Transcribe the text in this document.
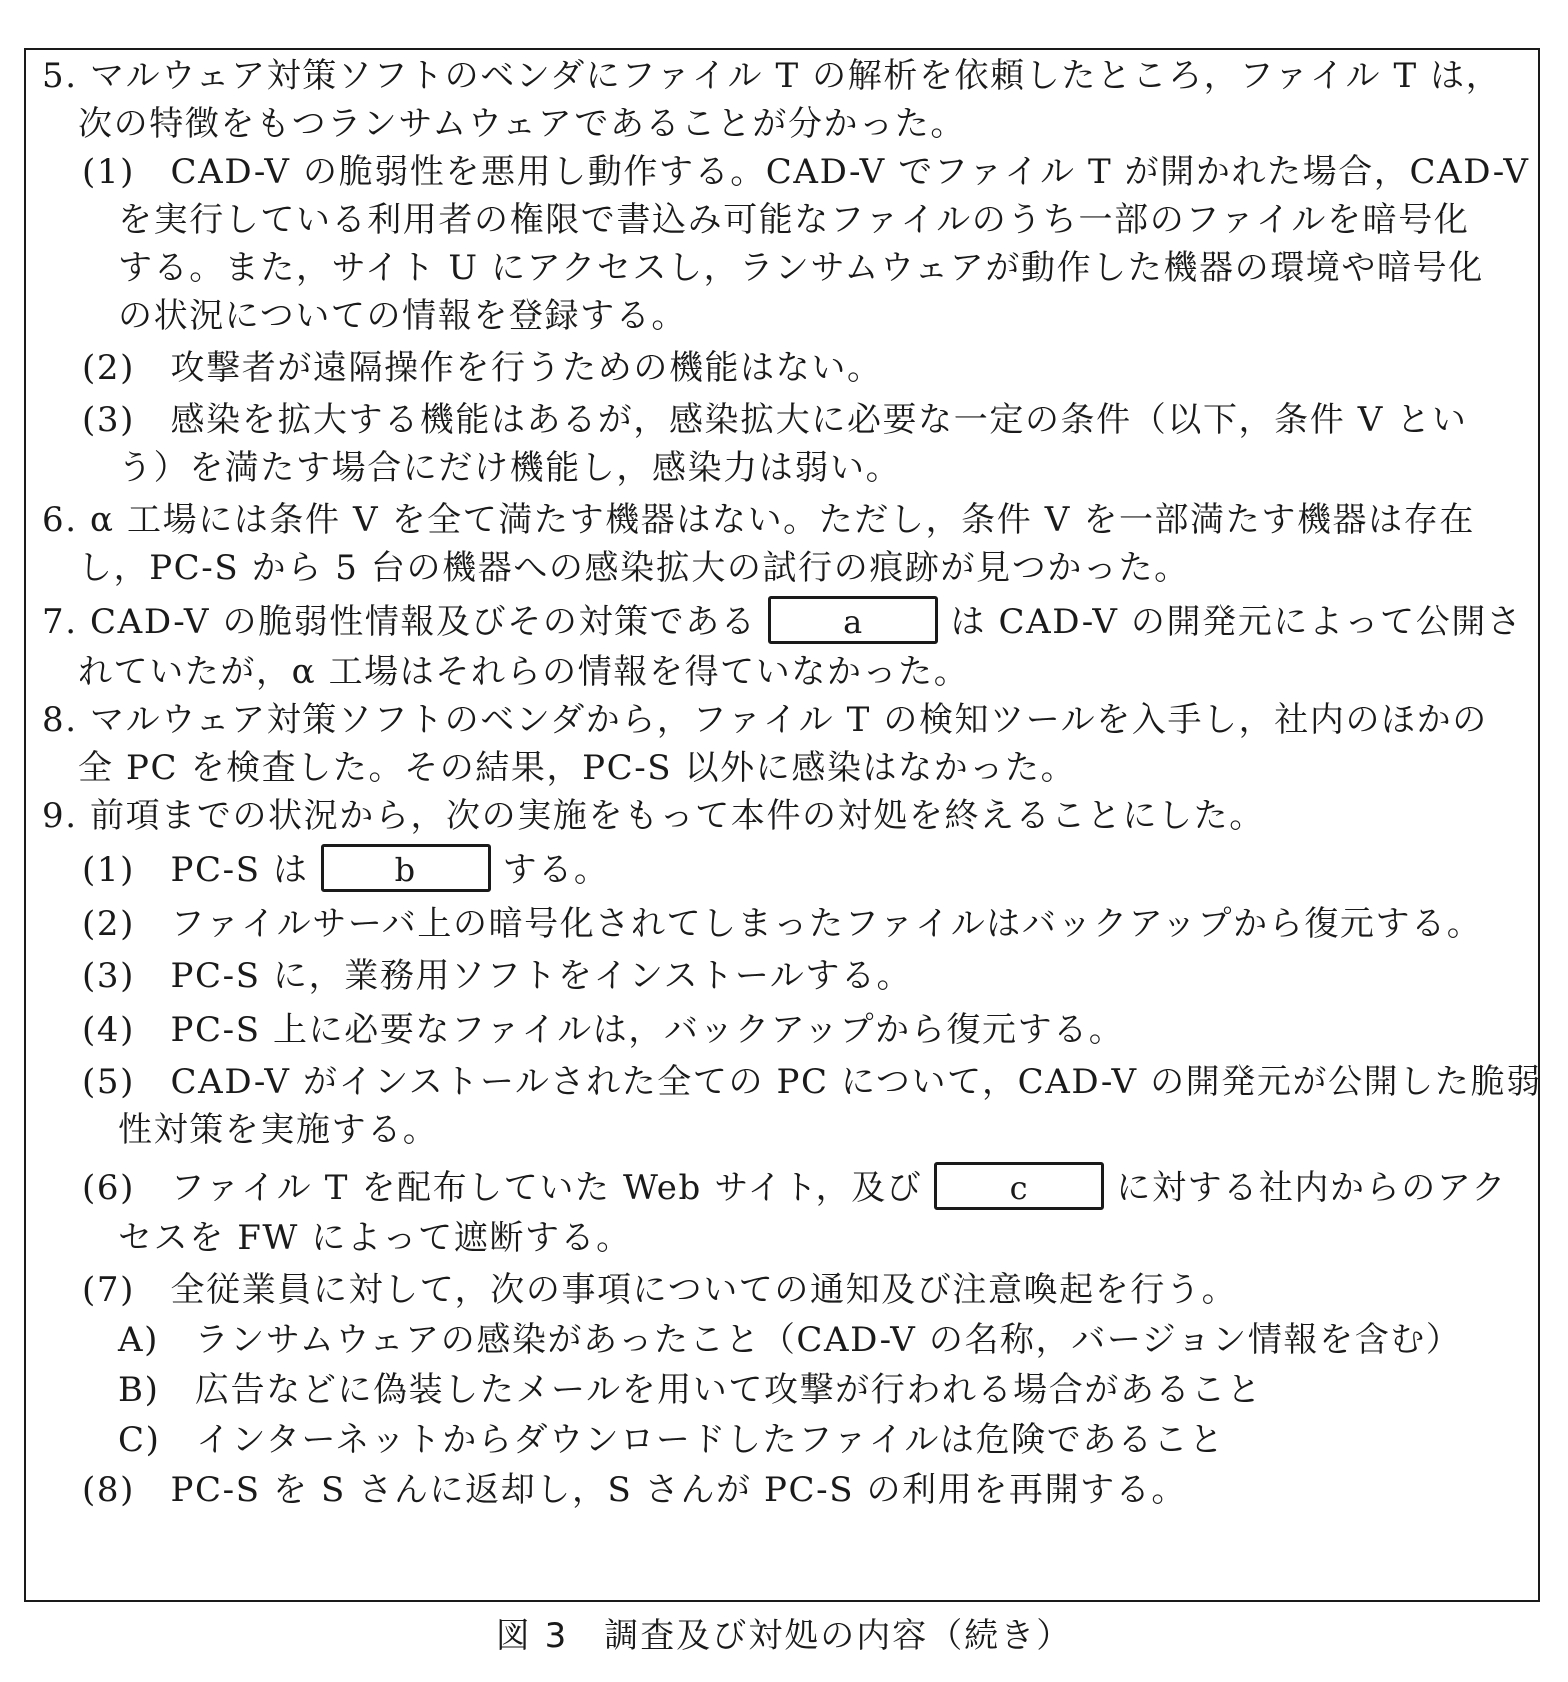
5. マルウェア対策ソフトのベンダにファイル T の解析を依頼したところ，ファイル T は，
次の特徴をもつランサムウェアであることが分かった。
(1)　CAD-V の脆弱性を悪用し動作する。CAD-V でファイル T が開かれた場合，CAD-V
を実行している利用者の権限で書込み可能なファイルのうち一部のファイルを暗号化
する。また，サイト U にアクセスし，ランサムウェアが動作した機器の環境や暗号化
の状況についての情報を登録する。
(2)　攻撃者が遠隔操作を行うための機能はない。
(3)　感染を拡大する機能はあるが，感染拡大に必要な一定の条件（以下，条件 V とい
う）を満たす場合にだけ機能し，感染力は弱い。
6. α 工場には条件 V を全て満たす機器はない。ただし，条件 V を一部満たす機器は存在
し，PC-S から 5 台の機器への感染拡大の試行の痕跡が見つかった。
7. CAD-V の脆弱性情報及びその対策である	a	は CAD-V の開発元によって公開さ
れていたが，α 工場はそれらの情報を得ていなかった。
8. マルウェア対策ソフトのベンダから，ファイル T の検知ツールを入手し，社内のほかの
全 PC を検査した。その結果，PC-S 以外に感染はなかった。
9. 前項までの状況から，次の実施をもって本件の対処を終えることにした。
(1)　PC-S は	b	する。
(2)　ファイルサーバ上の暗号化されてしまったファイルはバックアップから復元する。
(3)　PC-S に，業務用ソフトをインストールする。
(4)　PC-S 上に必要なファイルは，バックアップから復元する。
(5)　CAD-V がインストールされた全ての PC について，CAD-V の開発元が公開した脆弱
性対策を実施する。
(6)　ファイル T を配布していた Web サイト，及び	c	に対する社内からのアク
セスを FW によって遮断する。
(7)　全従業員に対して，次の事項についての通知及び注意喚起を行う。
A)　ランサムウェアの感染があったこと（CAD-V の名称，バージョン情報を含む）
B)　広告などに偽装したメールを用いて攻撃が行われる場合があること
C)　インターネットからダウンロードしたファイルは危険であること
(8)　PC-S を S さんに返却し，S さんが PC-S の利用を再開する。
図 3　調査及び対処の内容（続き）
